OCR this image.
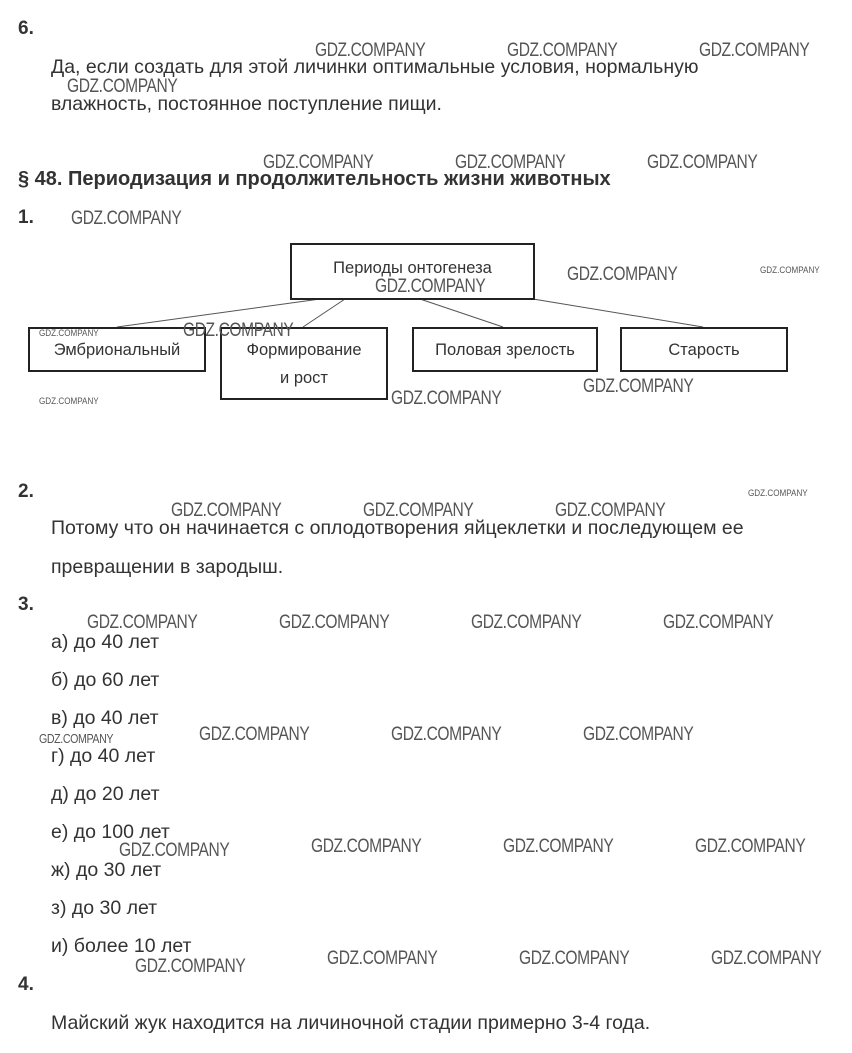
6.
Да, если создать для этой личинки оптимальные условия, нормальную
влажность, постоянное поступление пищи.
§ 48. Периодизация и продолжительность жизни животных
1.
Периоды онтогенеза
Эмбриональный	Формирование
и рост
Половая зрелость	Старость
2.
Потому что он начинается с оплодотворения яйцеклетки и последующем ее
превращении в зародыш.
3.
а) до 40 лет
б) до 60 лет
в) до 40 лет
г) до 40 лет
д) до 20 лет
е) до 100 лет
ж) до 30 лет
з) до 30 лет
и) более 10 лет
4.
Майский жук находится на личиночной стадии примерно 3-4 года.
GDZ.COMPANY	GDZ.COMPANY	GDZ.COMPANY
GDZ.COMPANY
GDZ.COMPANY	GDZ.COMPANY	GDZ.COMPANY
GDZ.COMPANY
GDZ.COMPANY	GDZ.COMPANY
GDZ.COMPANY
GDZ.COMPANY
GDZ.COMPANY
GDZ.COMPANY
GDZ.COMPANY
GDZ.COMPANY
GDZ.COMPANY
GDZ.COMPANY	GDZ.COMPANY	GDZ.COMPANY
GDZ.COMPANY	GDZ.COMPANY	GDZ.COMPANY	GDZ.COMPANY
GDZ.COMPANY	GDZ.COMPANY	GDZ.COMPANY
GDZ.COMPANY
GDZ.COMPANY	GDZ.COMPANY	GDZ.COMPANY
GDZ.COMPANY
GDZ.COMPANY	GDZ.COMPANY	GDZ.COMPANY
GDZ.COMPANY
